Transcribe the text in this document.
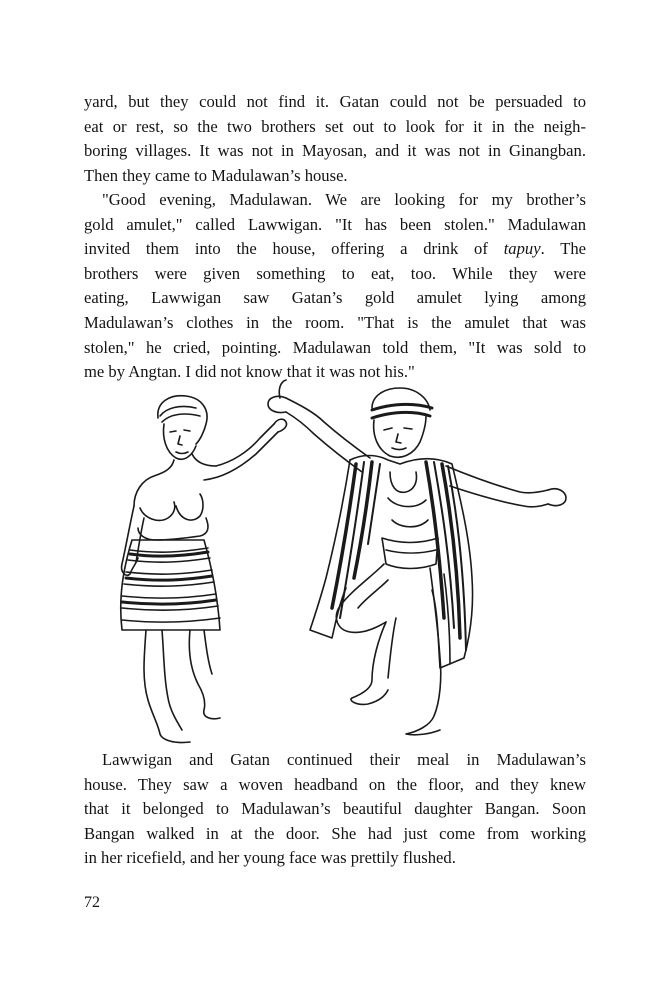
yard, but they could not find it. Gatan could not be persuaded to
eat or rest, so the two brothers set out to look for it in the neigh-
boring villages. It was not in Mayosan, and it was not in Ginangban.
Then they came to Madulawan’s house.

"Good evening, Madulawan. We are looking for my brother’s
gold amulet," called Lawwigan. "It has been stolen." Madulawan
invited them into the house, offering a drink of tapuy. The
brothers were given something to eat, too. While they were
eating, Lawwigan saw Gatan’s gold amulet lying among
Madulawan’s clothes in the room. "That is the amulet that was
stolen," he cried, pointing. Madulawan told them, "It was sold to
me by Angtan. I did not know that it was not his."

Lawwigan and Gatan continued their meal in Madulawan’s
house. They saw a woven headband on the floor, and they knew
that it belonged to Madulawan’s beautiful daughter Bangan. Soon
Bangan walked in at the door. She had just come from working
in her ricefield, and her young face was prettily flushed.

72
